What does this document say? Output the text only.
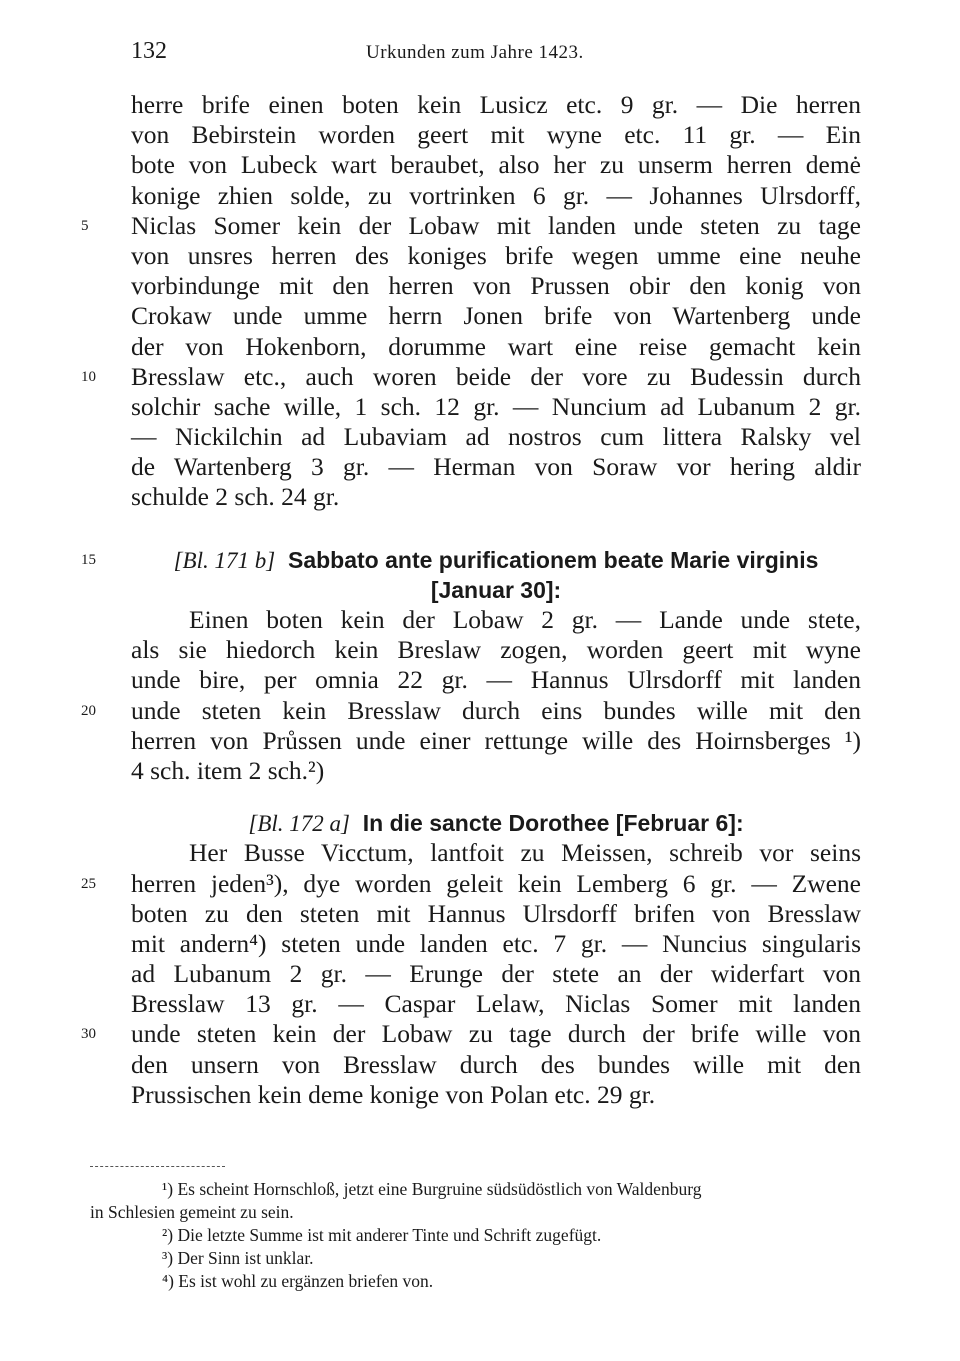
132	Urkunden zum Jahre 1423.
herre brife einen boten kein Lusicz etc. 9 gr. — Die herren
von Bebirstein worden geert mit wyne etc. 11 gr. — Ein
bote von Lubeck wart beraubet, also her zu unserm herren demė
konige zhien solde, zu vortrinken 6 gr. — Johannes Ulrsdorff,
5	Niclas Somer kein der Lobaw mit landen unde steten zu tage
von unsres herren des koniges brife wegen umme eine neuhe
vorbindunge mit den herren von Prussen obir den konig von
Crokaw unde umme herrn Jonen brife von Wartenberg unde
der von Hokenborn, dorumme wart eine reise gemacht kein
10	Bresslaw etc., auch woren beide der vore zu Budessin durch
solchir sache wille, 1 sch. 12 gr. — Nuncium ad Lubanum 2 gr.
— Nickilchin ad Lubaviam ad nostros cum littera Ralsky vel
de Wartenberg 3 gr. — Herman von Soraw vor hering aldir
schulde 2 sch. 24 gr.
15	[Bl. 171 b] Sabbato ante purificationem beate Marie virginis
[Januar 30]:
Einen boten kein der Lobaw 2 gr. — Lande unde stete,
als sie hiedorch kein Breslaw zogen, worden geert mit wyne
unde bire, per omnia 22 gr. — Hannus Ulrsdorff mit landen
20	unde steten kein Bresslaw durch eins bundes wille mit den
herren von Průssen unde einer rettunge wille des Hoirnsberges ¹)
4 sch. item 2 sch.²)
[Bl. 172 a] In die sancte Dorothee [Februar 6]:
Her Busse Vicctum, lantfoit zu Meissen, schreib vor seins
25	herren jeden³), dye worden geleit kein Lemberg 6 gr. — Zwene
boten zu den steten mit Hannus Ulrsdorff brifen von Bresslaw
mit andern⁴) steten unde landen etc. 7 gr. — Nuncius singularis
ad Lubanum 2 gr. — Erunge der stete an der widerfart von
Bresslaw 13 gr. — Caspar Lelaw, Niclas Somer mit landen
30	unde steten kein der Lobaw zu tage durch der brife wille von
den unsern von Bresslaw durch des bundes wille mit den
Prussischen kein deme konige von Polan etc. 29 gr.
¹) Es scheint Hornschloß, jetzt eine Burgruine südsüdöstlich von Waldenburg
in Schlesien gemeint zu sein.
²) Die letzte Summe ist mit anderer Tinte und Schrift zugefügt.
³) Der Sinn ist unklar.
⁴) Es ist wohl zu ergänzen briefen von.
